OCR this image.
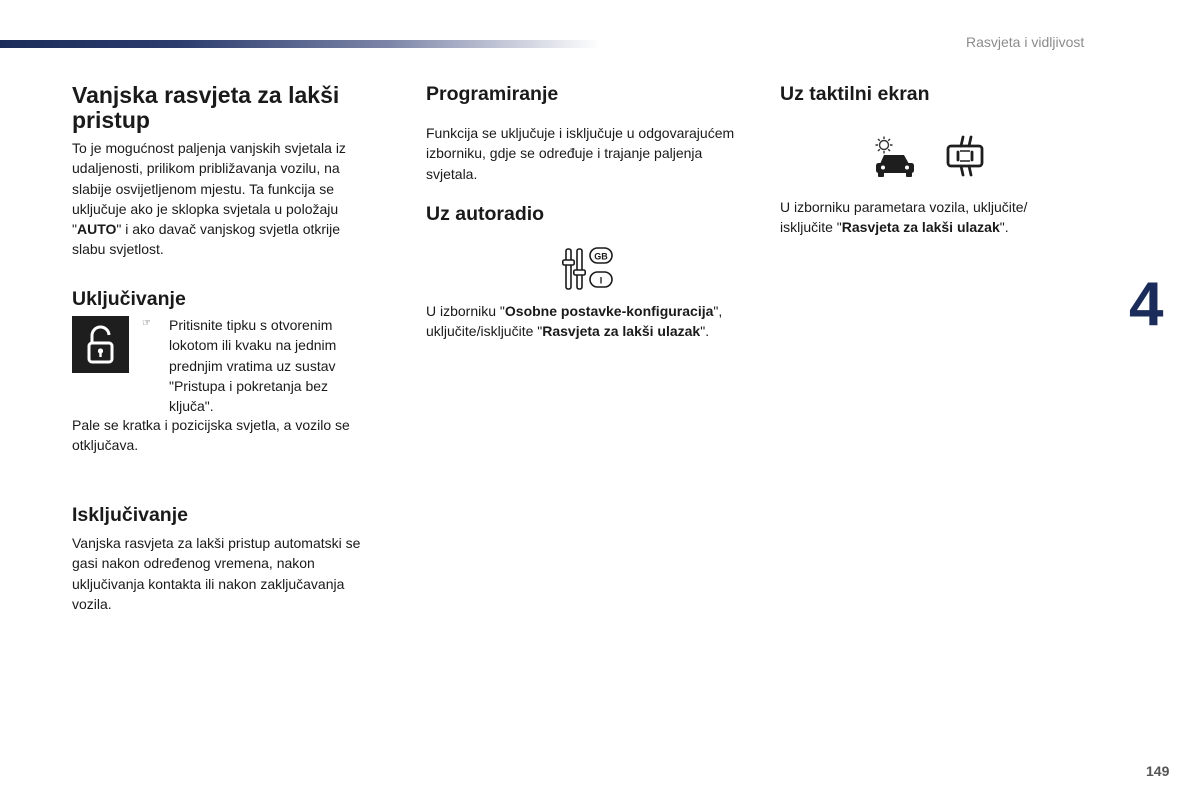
Rasvjeta i vidljivost
Vanjska rasvjeta za lakši pristup

To je mogućnost paljenja vanjskih svjetala iz udaljenosti, prilikom približavanja vozilu, na slabije osvijetljenom mjestu. Ta funkcija se uključuje ako je sklopka svjetala u položaju "AUTO" i ako davač vanjskog svjetla otkrije slabu svjetlost.

Uključivanje
☞ Pritisnite tipku s otvorenim lokotom ili kvaku na jednim prednjim vratima uz sustav "Pristupa i pokretanja bez ključa".

Pale se kratka i pozicijska svjetla, a vozilo se otključava.

Isključivanje

Vanjska rasvjeta za lakši pristup automatski se gasi nakon određenog vremena, nakon uključivanja kontakta ili nakon zaključavanja vozila.

Programiranje

Funkcija se uključuje i isključuje u odgovarajućem izborniku, gdje se određuje i trajanje paljenja svjetala.

Uz autoradio
GB
I

U izborniku "Osobne postavke-konfiguracija", uključite/isključite "Rasvjeta za lakši ulazak".

Uz taktilni ekran

U izborniku parametara vozila, uključite/ isključite "Rasvjeta za lakši ulazak".

4
149
